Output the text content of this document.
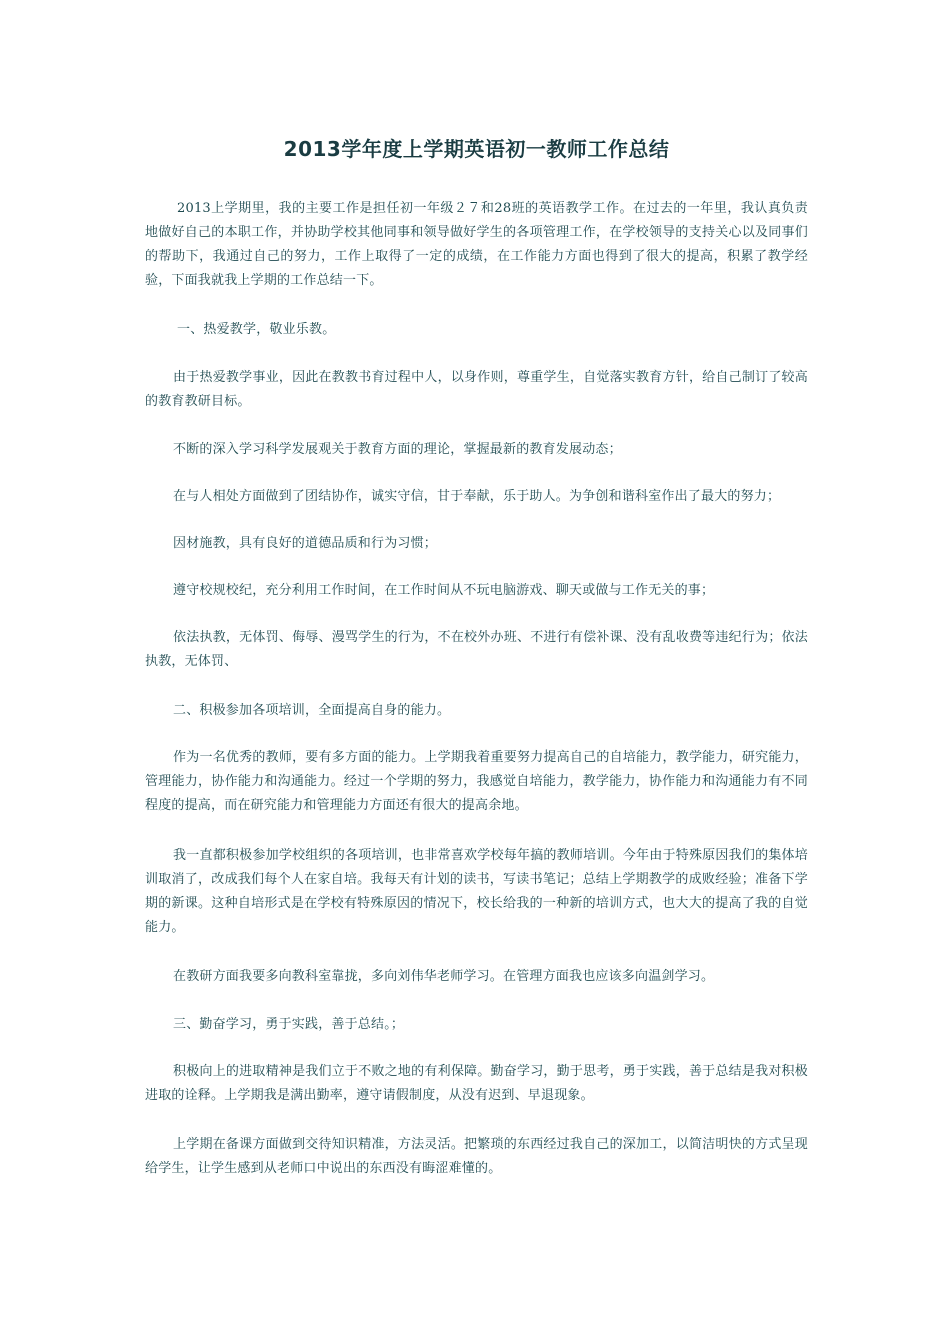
2013学年度上学期英语初一教师工作总结

2013上学期里，我的主要工作是担任初一年级２７和28班的英语教学工作。在过去的一年里，我认真负责地做好自己的本职工作，并协助学校其他同事和领导做好学生的各项管理工作，在学校领导的支持关心以及同事们的帮助下，我通过自己的努力，工作上取得了一定的成绩，在工作能力方面也得到了很大的提高，积累了教学经验，下面我就我上学期的工作总结一下。

一、热爱教学，敬业乐教。

由于热爱教学事业，因此在教教书育过程中人，以身作则，尊重学生，自觉落实教育方针，给自己制订了较高的教育教研目标。

不断的深入学习科学发展观关于教育方面的理论，掌握最新的教育发展动态；

在与人相处方面做到了团结协作，诚实守信，甘于奉献，乐于助人。为争创和谐科室作出了最大的努力；

因材施教，具有良好的道德品质和行为习惯；

遵守校规校纪，充分利用工作时间，在工作时间从不玩电脑游戏、聊天或做与工作无关的事；

依法执教，无体罚、侮辱、漫骂学生的行为，不在校外办班、不进行有偿补课、没有乱收费等违纪行为；依法执教，无体罚、

二、积极参加各项培训，全面提高自身的能力。

作为一名优秀的教师，要有多方面的能力。上学期我着重要努力提高自己的自培能力，教学能力，研究能力，管理能力，协作能力和沟通能力。经过一个学期的努力，我感觉自培能力，教学能力，协作能力和沟通能力有不同程度的提高，而在研究能力和管理能力方面还有很大的提高余地。

我一直都积极参加学校组织的各项培训，也非常喜欢学校每年搞的教师培训。今年由于特殊原因我们的集体培训取消了，改成我们每个人在家自培。我每天有计划的读书，写读书笔记；总结上学期教学的成败经验；准备下学期的新课。这种自培形式是在学校有特殊原因的情况下，校长给我的一种新的培训方式，也大大的提高了我的自觉能力。

在教研方面我要多向教科室靠拢，多向刘伟华老师学习。在管理方面我也应该多向温剑学习。

三、勤奋学习，勇于实践，善于总结。；

积极向上的进取精神是我们立于不败之地的有利保障。勤奋学习，勤于思考，勇于实践，善于总结是我对积极进取的诠释。上学期我是满出勤率，遵守请假制度，从没有迟到、早退现象。

上学期在备课方面做到交待知识精准，方法灵活。把繁琐的东西经过我自己的深加工，以简洁明快的方式呈现给学生，让学生感到从老师口中说出的东西没有晦涩难懂的。
